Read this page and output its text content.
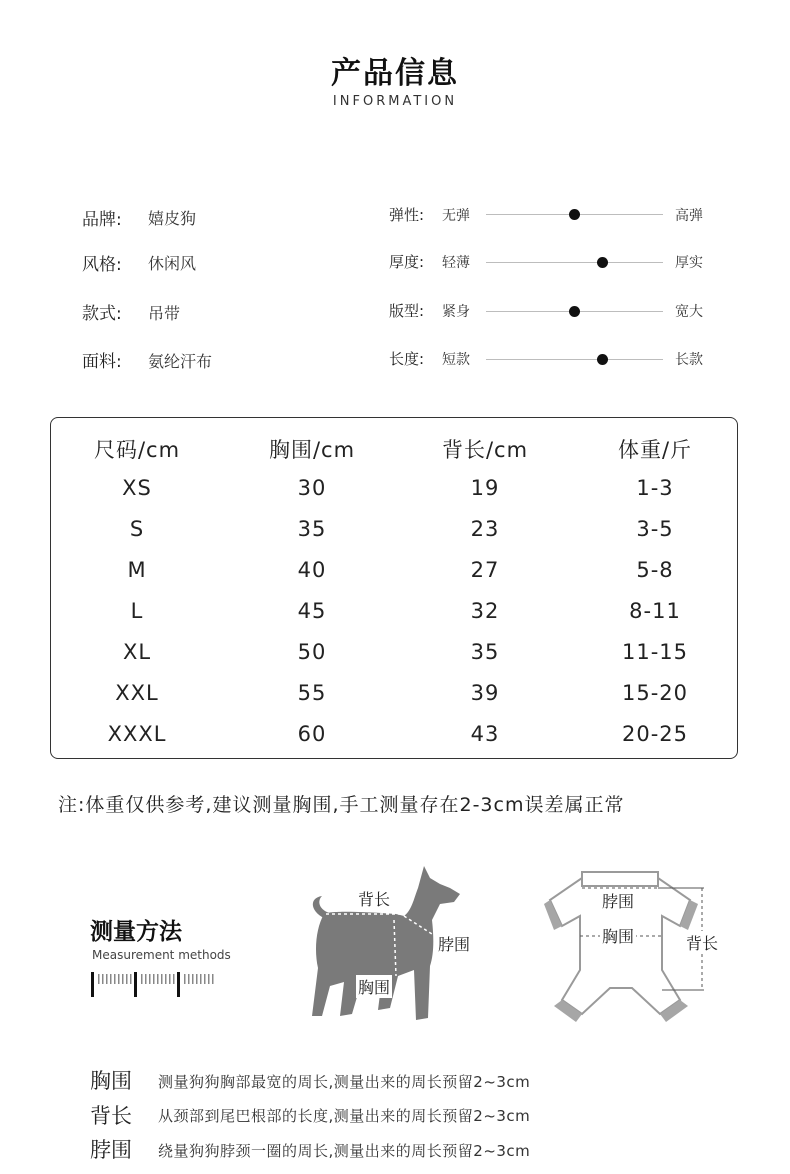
产品信息
INFORMATION
品牌: 嬉皮狗
风格: 休闲风
款式: 吊带
面料: 氨纶汗布
弹性: 无弹	高弹
厚度: 轻薄	厚实
版型: 紧身	宽大
长度: 短款	长款
尺码/cm	胸围/cm	背长/cm	体重/斤
XS	30	19	1-3
S	35	23	3-5
M	40	27	5-8
L	45	32	8-11
XL	50	35	11-15
XXL	55	39	15-20
XXXL	60	43	20-25
注:体重仅供参考,建议测量胸围,手工测量存在2-3cm误差属正常
测量方法
Measurement methods
背长
脖围
胸围
脖围
胸围	背长
胸围 测量狗狗胸部最宽的周长,测量出来的周长预留2~3cm
背长 从颈部到尾巴根部的长度,测量出来的周长预留2~3cm
脖围 绕量狗狗脖颈一圈的周长,测量出来的周长预留2~3cm
